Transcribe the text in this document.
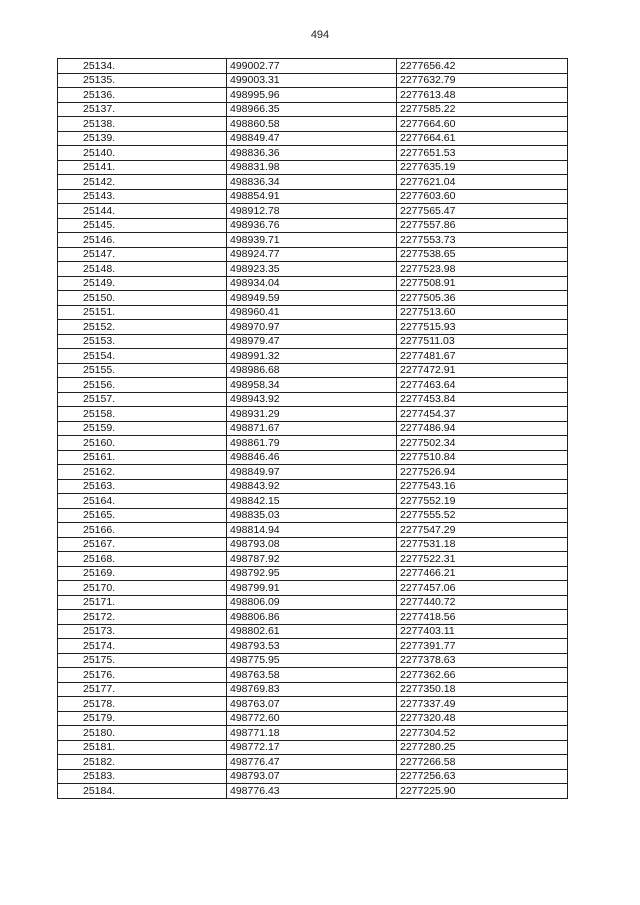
494
25134.	499002.77	2277656.42
25135.	499003.31	2277632.79
25136.	498995.96	2277613.48
25137.	498966.35	2277585.22
25138.	498860.58	2277664.60
25139.	498849.47	2277664.61
25140.	498836.36	2277651.53
25141.	498831.98	2277635.19
25142.	498836.34	2277621.04
25143.	498854.91	2277603.60
25144.	498912.78	2277565.47
25145.	498936.76	2277557.86
25146.	498939.71	2277553.73
25147.	498924.77	2277538.65
25148.	498923.35	2277523.98
25149.	498934.04	2277508.91
25150.	498949.59	2277505.36
25151.	498960.41	2277513.60
25152.	498970.97	2277515.93
25153.	498979.47	2277511.03
25154.	498991.32	2277481.67
25155.	498986.68	2277472.91
25156.	498958.34	2277463.64
25157.	498943.92	2277453.84
25158.	498931.29	2277454.37
25159.	498871.67	2277486.94
25160.	498861.79	2277502.34
25161.	498846.46	2277510.84
25162.	498849.97	2277526.94
25163.	498843.92	2277543.16
25164.	498842.15	2277552.19
25165.	498835.03	2277555.52
25166.	498814.94	2277547.29
25167.	498793.08	2277531.18
25168.	498787.92	2277522.31
25169.	498792.95	2277466.21
25170.	498799.91	2277457.06
25171.	498806.09	2277440.72
25172.	498806.86	2277418.56
25173.	498802.61	2277403.11
25174.	498793.53	2277391.77
25175.	498775.95	2277378.63
25176.	498763.58	2277362.66
25177.	498769.83	2277350.18
25178.	498763.07	2277337.49
25179.	498772.60	2277320.48
25180.	498771.18	2277304.52
25181.	498772.17	2277280.25
25182.	498776.47	2277266.58
25183.	498793.07	2277256.63
25184.	498776.43	2277225.90
